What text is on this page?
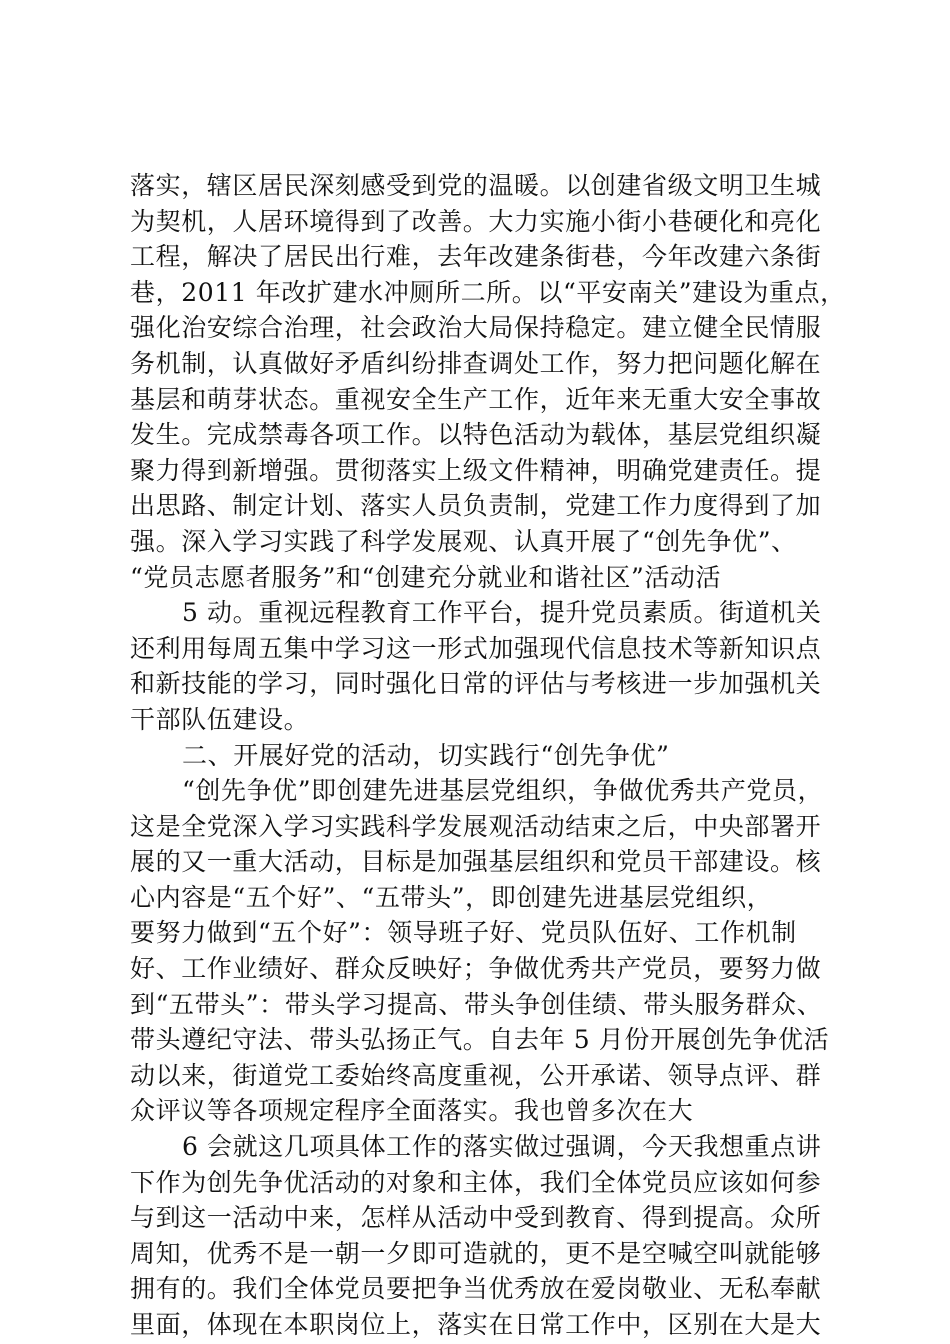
落实，辖区居民深刻感受到党的温暖。以创建省级文明卫生城

为契机，人居环境得到了改善。大力实施小街小巷硬化和亮化

工程，解决了居民出行难，去年改建条街巷，今年改建六条街

巷，2011 年改扩建水冲厕所二所。以“平安南关”建设为重点，

强化治安综合治理，社会政治大局保持稳定。建立健全民情服

务机制，认真做好矛盾纠纷排查调处工作，努力把问题化解在

基层和萌芽状态。重视安全生产工作，近年来无重大安全事故

发生。完成禁毒各项工作。以特色活动为载体，基层党组织凝

聚力得到新增强。贯彻落实上级文件精神，明确党建责任。提

出思路、制定计划、落实人员负责制，党建工作力度得到了加

强。深入学习实践了科学发展观、认真开展了“创先争优”、

“党员志愿者服务”和“创建充分就业和谐社区”活动活

5 动。重视远程教育工作平台，提升党员素质。街道机关

还利用每周五集中学习这一形式加强现代信息技术等新知识点

和新技能的学习，同时强化日常的评估与考核进一步加强机关

干部队伍建设。

二、开展好党的活动，切实践行“创先争优”

“创先争优”即创建先进基层党组织，争做优秀共产党员，

这是全党深入学习实践科学发展观活动结束之后，中央部署开

展的又一重大活动，目标是加强基层组织和党员干部建设。核

心内容是“五个好”、“五带头”，即创建先进基层党组织，

要努力做到“五个好”：领导班子好、党员队伍好、工作机制

好、工作业绩好、群众反映好；争做优秀共产党员，要努力做

到“五带头”：带头学习提高、带头争创佳绩、带头服务群众、

带头遵纪守法、带头弘扬正气。自去年 5 月份开展创先争优活

动以来，街道党工委始终高度重视，公开承诺、领导点评、群

众评议等各项规定程序全面落实。我也曾多次在大

6 会就这几项具体工作的落实做过强调，今天我想重点讲

下作为创先争优活动的对象和主体，我们全体党员应该如何参

与到这一活动中来，怎样从活动中受到教育、得到提高。众所

周知，优秀不是一朝一夕即可造就的，更不是空喊空叫就能够

拥有的。我们全体党员要把争当优秀放在爱岗敬业、无私奉献

里面，体现在本职岗位上，落实在日常工作中，区别在大是大
